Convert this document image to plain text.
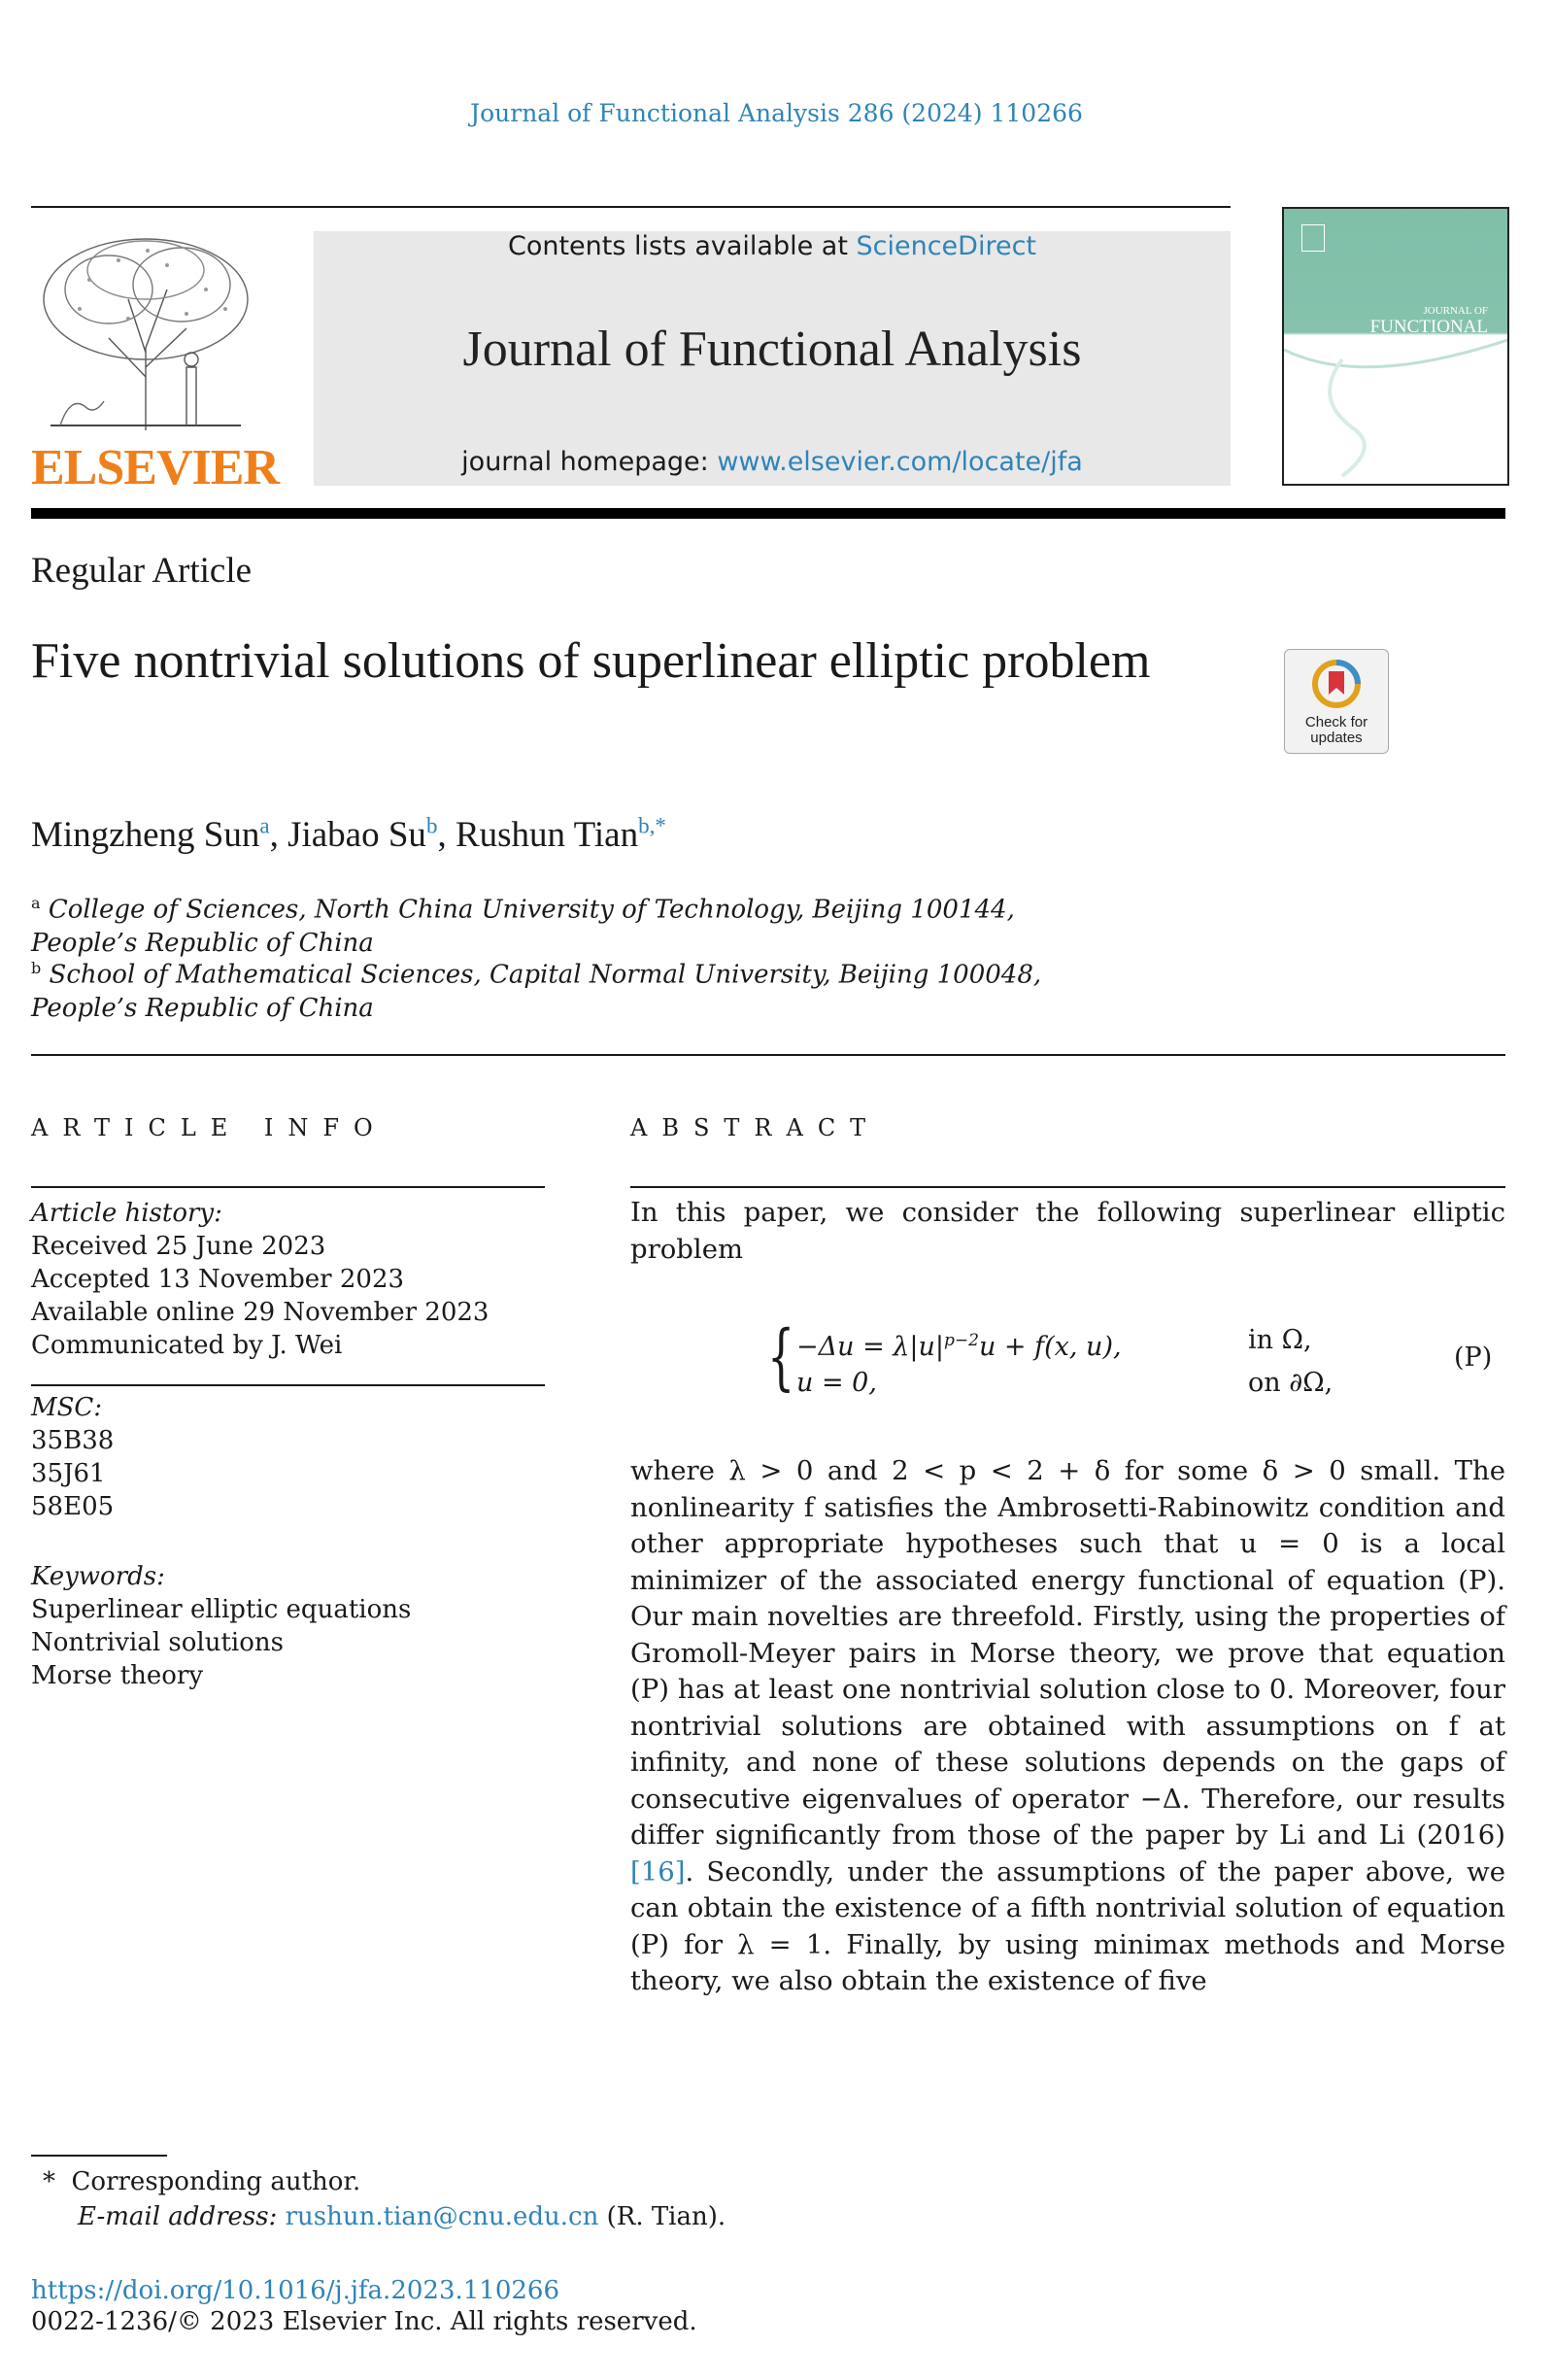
Journal of Functional Analysis 286 (2024) 110266
ELSEVIER
Contents lists available at ScienceDirect
Journal of Functional Analysis
journal homepage: www.elsevier.com/locate/jfa
JOURNAL OF
FUNCTIONAL
ANALYSIS
Regular Article
Five nontrivial solutions of superlinear elliptic problem
Check for
updates
Mingzheng Sun$^a$, Jiabao Su$^b$, Rushun Tian$^{b,*}$
$^a$ College of Sciences, North China University of Technology, Beijing 100144,
People’s Republic of China
$^b$ School of Mathematical Sciences, Capital Normal University, Beijing 100048,
People’s Republic of China
ARTICLE INFO
Article history:
Received 25 June 2023
Accepted 13 November 2023
Available online 29 November 2023
Communicated by J. Wei
MSC:
35B38
35J61
58E05
Keywords:
Superlinear elliptic equations
Nontrivial solutions
Morse theory
ABSTRACT
In this paper, we consider the following superlinear elliptic problem
{ $-\Delta u = \lambda|u|^{p-2}u + f(x$, u),	in Ω,
u = 0,	on ∂Ω,
(P)
where λ > 0 and 2 < p < 2 + δ for some δ > 0 small. The nonlinearity f satisfies the Ambrosetti-Rabinowitz condition and other appropriate hypotheses such that u = 0 is a local minimizer of the associated energy functional of equation (P). Our main novelties are threefold. Firstly, using the properties of Gromoll-Meyer pairs in Morse theory, we prove that equation (P) has at least one nontrivial solution close to 0. Moreover, four nontrivial solutions are obtained with assumptions on f at infinity, and none of these solutions depends on the gaps of consecutive eigenvalues of operator −Δ. Therefore, our results differ significantly from those of the paper by Li and Li (2016) [16]. Secondly, under the assumptions of the paper above, we can obtain the existence of a fifth nontrivial solution of equation (P) for λ = 1. Finally, by using minimax methods and Morse theory, we also obtain the existence of five
* Corresponding author.
E-mail address: rushun.tian@cnu.edu.cn (R. Tian).
https://doi.org/10.1016/j.jfa.2023.110266
0022-1236/© 2023 Elsevier Inc. All rights reserved.
